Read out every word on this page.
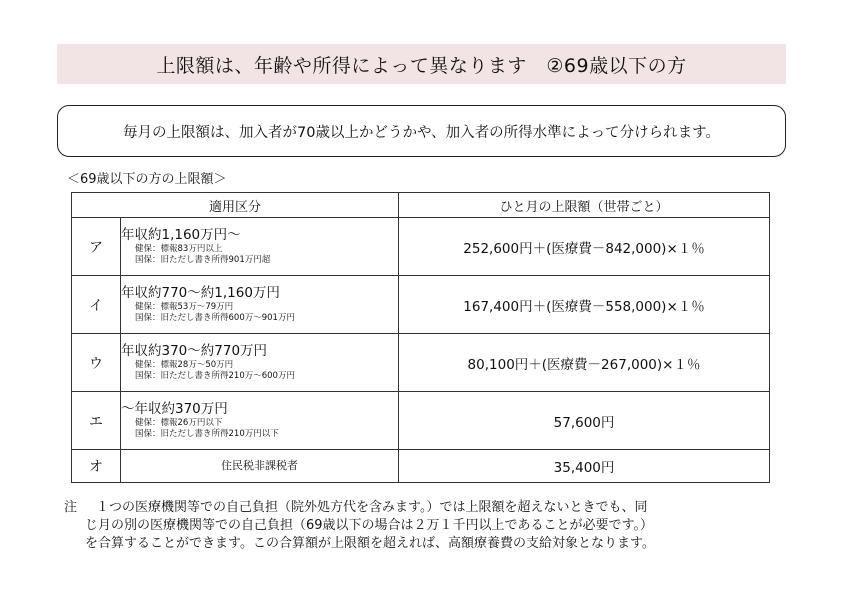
上限額は、年齢や所得によって異なります　②69歳以下の方
毎月の上限額は、加入者が70歳以上かどうかや、加入者の所得水準によって分けられます。
＜69歳以下の方の上限額＞
適用区分		ひと月の上限額（世帯ごと）
ア	年収約1,160万円～
健保：標報83万円以上
国保：旧ただし書き所得901万円超	252,600円＋(医療費－842,000)×１％
イ	年収約770～約1,160万円
健保：標報53万～79万円
国保：旧ただし書き所得600万～901万円	167,400円＋(医療費－558,000)×１％
ウ	年収約370～約770万円
健保：標報28万～50万円
国保：旧ただし書き所得210万～600万円	80,100円＋(医療費－267,000)×１％
エ	～年収約370万円
健保：標報26万円以下
国保：旧ただし書き所得210万円以下	57,600円
オ	住民税非課税者	35,400円
注	１つの医療機関等での自己負担（院外処方代を含みます。）では上限額を超えないときでも、同
じ月の別の医療機関等での自己負担（69歳以下の場合は２万１千円以上であることが必要です。）
を合算することができます。この合算額が上限額を超えれば、高額療養費の支給対象となります。
